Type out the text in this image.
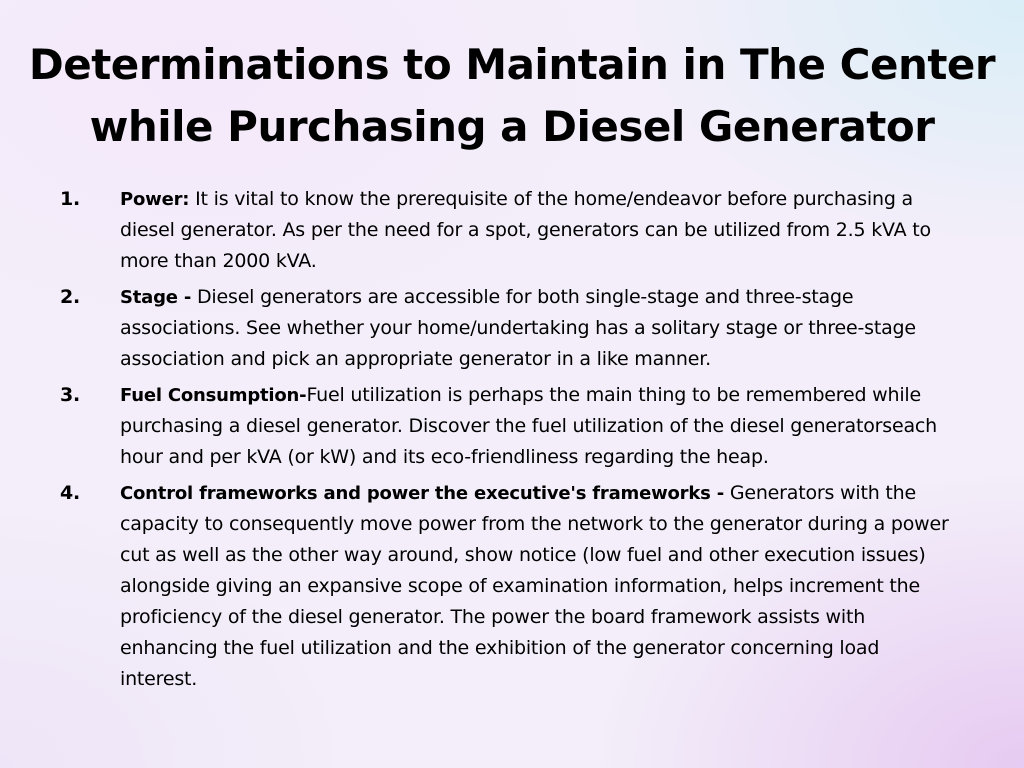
Determinations to Maintain in The Center
while Purchasing a Diesel Generator
1. Power: It is vital to know the prerequisite of the home/endeavor before purchasing a diesel generator. As per the need for a spot, generators can be utilized from 2.5 kVA to more than 2000 kVA.
2. Stage - Diesel generators are accessible for both single-stage and three-stage associations. See whether your home/undertaking has a solitary stage or three-stage association and pick an appropriate generator in a like manner.
3. Fuel Consumption-Fuel utilization is perhaps the main thing to be remembered while purchasing a diesel generator. Discover the fuel utilization of the diesel generatorseach hour and per kVA (or kW) and its eco-friendliness regarding the heap.
4. Control frameworks and power the executive's frameworks - Generators with the capacity to consequently move power from the network to the generator during a power cut as well as the other way around, show notice (low fuel and other execution issues) alongside giving an expansive scope of examination information, helps increment the proficiency of the diesel generator. The power the board framework assists with enhancing the fuel utilization and the exhibition of the generator concerning load interest.
